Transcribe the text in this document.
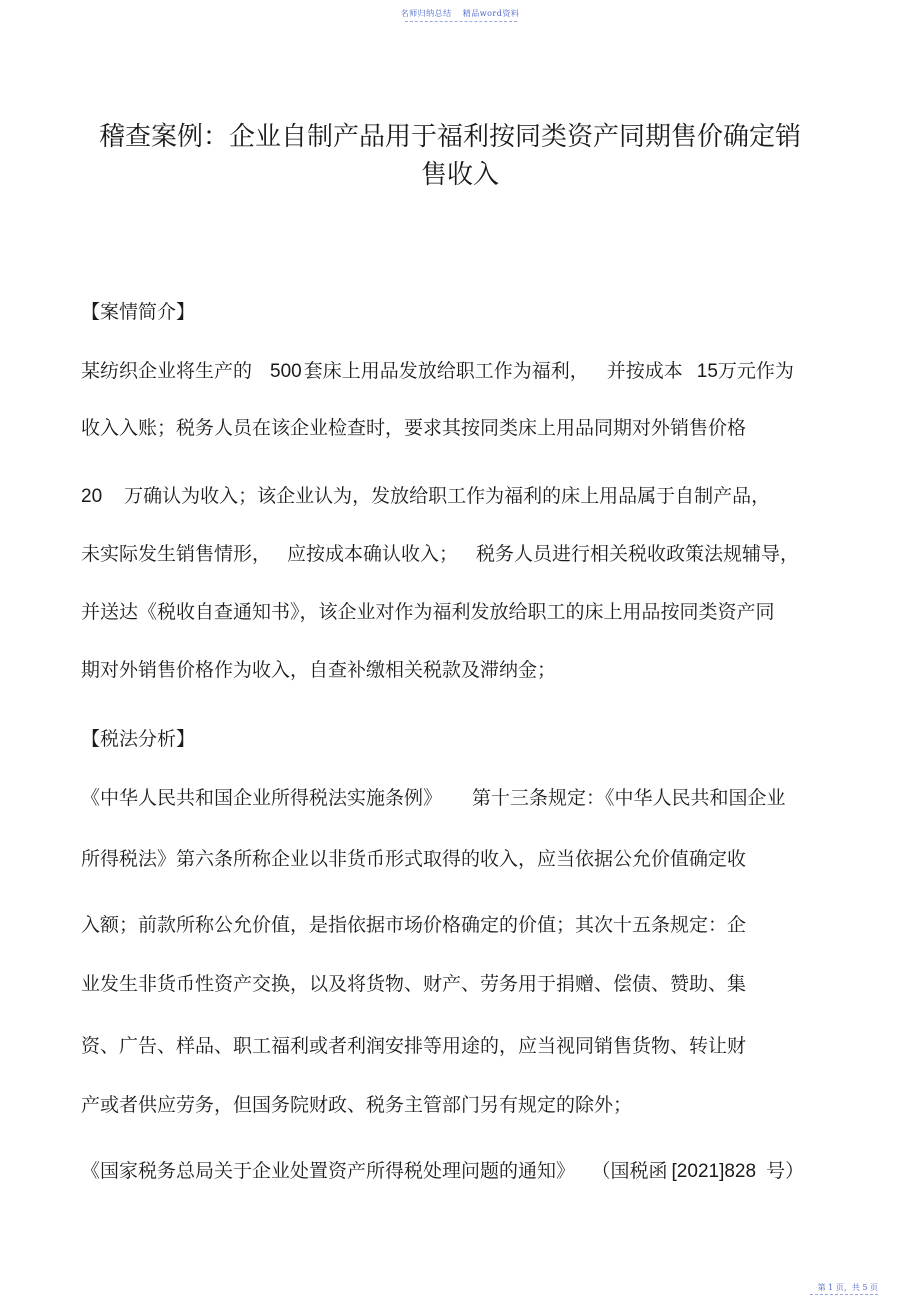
名师归纳总结 精品word资料
稽查案例：企业自制产品用于福利按同类资产同期售价确定销
售收入
【案情简介】
某纺织企业将生产的 500 套床上用品发放给职工作为福利， 并按成本 15万元作为
收入入账；税务人员在该企业检查时，要求其按同类床上用品同期对外销售价格
20 万确认为收入；该企业认为，发放给职工作为福利的床上用品属于自制产品，
未实际发生销售情形， 应按成本确认收入； 税务人员进行相关税收政策法规辅导，
并送达《税收自查通知书》，该企业对作为福利发放给职工的床上用品按同类资产同
期对外销售价格作为收入，自查补缴相关税款及滞纳金；
【税法分析】
《中华人民共和国企业所得税法实施条例》 第十三条规定：《中华人民共和国企业
所得税法》第六条所称企业以非货币形式取得的收入，应当依据公允价值确定收
入额；前款所称公允价值，是指依据市场价格确定的价值；其次十五条规定：企
业发生非货币性资产交换，以及将货物、财产、劳务用于捐赠、偿债、赞助、集
资、广告、样品、职工福利或者利润安排等用途的，应当视同销售货物、转让财
产或者供应劳务，但国务院财政、税务主管部门另有规定的除外；
《国家税务总局关于企业处置资产所得税处理问题的通知》 （国税函 [2021]828 号）
第 1 页，共 5 页
